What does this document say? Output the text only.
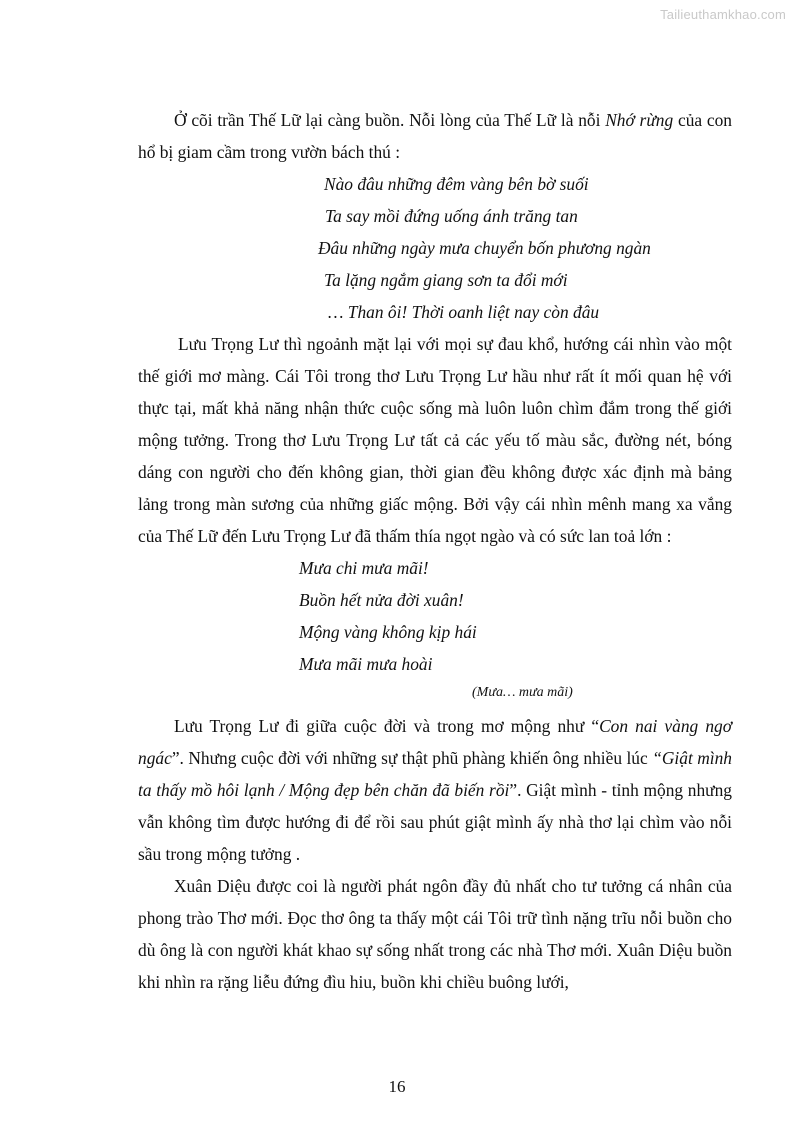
Tailieuthamkhao.com

Ở cõi trần Thế Lữ lại càng buồn. Nỗi lòng của Thế Lữ là nỗi Nhớ rừng của con hổ bị giam cầm trong vườn bách thú :

Nào đâu những đêm vàng bên bờ suối
Ta say mồi đứng uống ánh trăng tan
Đâu những ngày mưa chuyển bốn phương ngàn
Ta lặng ngắm giang sơn ta đổi mới
… Than ôi! Thời oanh liệt nay còn đâu

Lưu Trọng Lư thì ngoảnh mặt lại với mọi sự đau khổ, hướng cái nhìn vào một thế giới mơ màng. Cái Tôi trong thơ Lưu Trọng Lư hầu như rất ít mối quan hệ với thực tại, mất khả năng nhận thức cuộc sống mà luôn luôn chìm đắm trong thế giới mộng tưởng. Trong thơ Lưu Trọng Lư tất cả các yếu tố màu sắc, đường nét, bóng dáng con người cho đến không gian, thời gian đều không được xác định mà bảng lảng trong màn sương của những giấc mộng. Bởi vậy cái nhìn mênh mang xa vắng của Thế Lữ đến Lưu Trọng Lư đã thấm thía ngọt ngào và có sức lan toả lớn :

Mưa chi mưa mãi!
Buồn hết nửa đời xuân!
Mộng vàng không kịp hái
Mưa mãi mưa hoài
(Mưa… mưa mãi)

Lưu Trọng Lư đi giữa cuộc đời và trong mơ mộng như “Con nai vàng ngơ ngác”. Nhưng cuộc đời với những sự thật phũ phàng khiến ông nhiều lúc “Giật mình ta thấy mồ hôi lạnh / Mộng đẹp bên chăn đã biến rồi”. Giật mình - tỉnh mộng nhưng vẫn không tìm được hướng đi để rồi sau phút giật mình ấy nhà thơ lại chìm vào nỗi sầu trong mộng tưởng .

Xuân Diệu được coi là người phát ngôn đầy đủ nhất cho tư tưởng cá nhân của phong trào Thơ mới. Đọc thơ ông ta thấy một cái Tôi trữ tình nặng trĩu nỗi buồn cho dù ông là con người khát khao sự sống nhất trong các nhà Thơ mới. Xuân Diệu buồn khi nhìn ra rặng liễu đứng đìu hiu, buồn khi chiều buông lưới,

16
